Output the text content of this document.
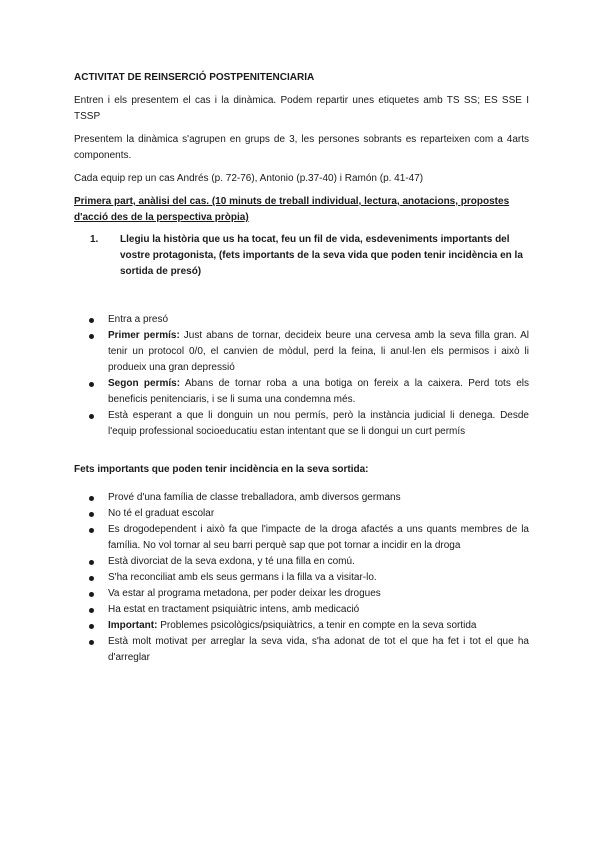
ACTIVITAT DE REINSERCIÓ POSTPENITENCIARIA

Entren i els presentem el cas i la dinàmica. Podem repartir unes etiquetes amb TS SS; ES SSE I TSSP

Presentem la dinàmica s'agrupen en grups de 3, les persones sobrants es reparteixen com a 4arts components.

Cada equip rep un cas Andrés (p. 72-76), Antonio (p.37-40) i Ramón (p. 41-47)

Primera part, anàlisi del cas. (10 minuts de treball individual, lectura, anotacions, propostes d'acció des de la perspectiva pròpia)

1. Llegiu la història que us ha tocat, feu un fil de vida, esdeveniments importants del vostre protagonista, (fets importants de la seva vida que poden tenir incidència en la sortida de presó)
Entra a presó
Primer permís: Just abans de tornar, decideix beure una cervesa amb la seva filla gran. Al tenir un protocol 0/0, el canvien de mòdul, perd la feina, li anul·len els permisos i això li produeix una gran depressió
Segon permís: Abans de tornar roba a una botiga on fereix a la caixera. Perd tots els beneficis penitenciaris, i se li suma una condemna més.
Està esperant a que li donguin un nou permís, però la instància judicial li denega. Desde l'equip professional socioeducatiu estan intentant que se li dongui un curt permís

Fets importants que poden tenir incidència en la seva sortida:

Prové d'una família de classe treballadora, amb diversos germans
No té el graduat escolar
Es drogodependent i això fa que l'impacte de la droga afactés a uns quants membres de la família. No vol tornar al seu barri perquè sap que pot tornar a incidir en la droga
Està divorciat de la seva exdona, y té una filla en comú.
S'ha reconciliat amb els seus germans i la filla va a visitar-lo.
Va estar al programa metadona, per poder deixar les drogues
Ha estat en tractament psiquiàtric intens, amb medicació
Important: Problemes psicològics/psiquiàtrics, a tenir en compte en la seva sortida
Està molt motivat per arreglar la seva vida, s'ha adonat de tot el que ha fet i tot el que ha d'arreglar
